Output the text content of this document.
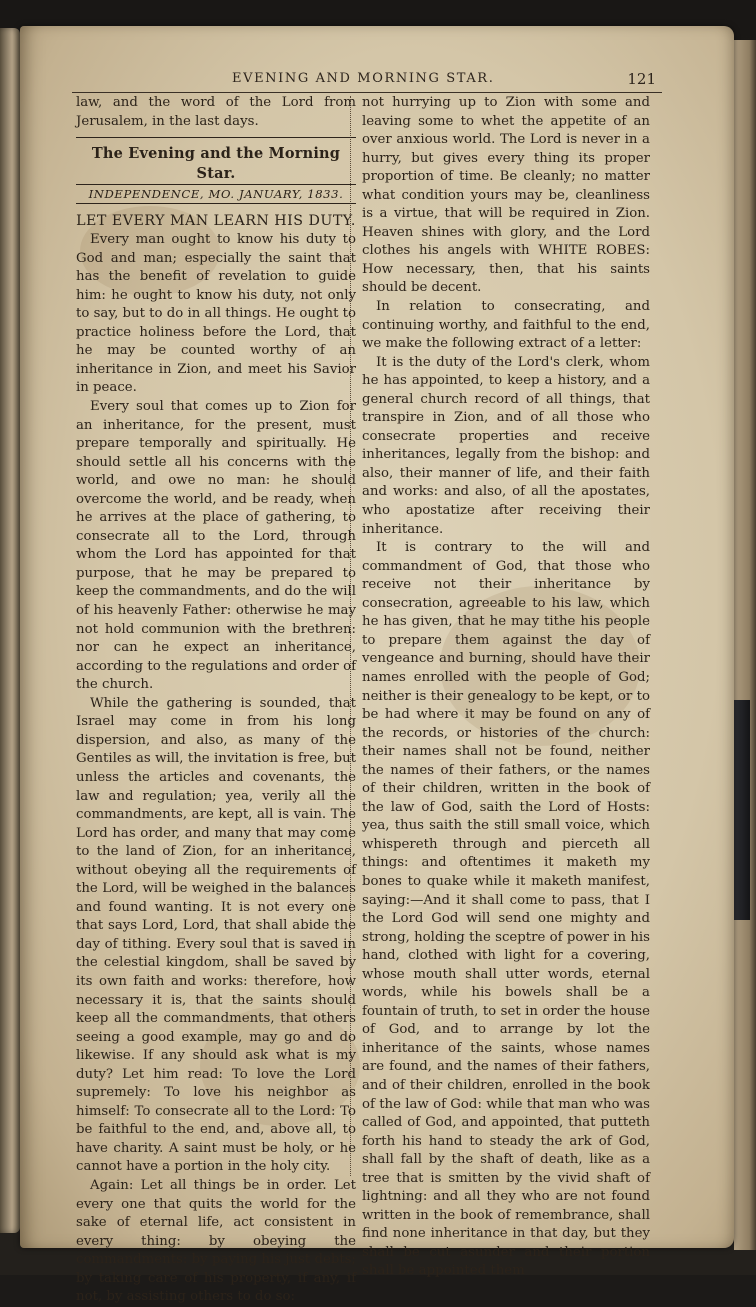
EVENING AND MORNING STAR.	121

law, and the word of the Lord from Jerusalem, in the last days.

The Evening and the Morning Star.
INDEPENDENCE, MO. JANUARY, 1833.
LET EVERY MAN LEARN HIS DUTY.

Every man ought to know his duty to God and man; especially the saint that has the benefit of revelation to guide him: he ought to know his duty, not only to say, but to do in all things. He ought to practice holiness before the Lord, that he may be counted worthy of an inheritance in Zion, and meet his Savior in peace.

Every soul that comes up to Zion for an inheritance, for the present, must prepare temporally and spiritually. He should settle all his concerns with the world, and owe no man: he should overcome the world, and be ready, when he arrives at the place of gathering, to consecrate all to the Lord, through whom the Lord has appointed for that purpose, that he may be prepared to keep the commandments, and do the will of his heavenly Father: otherwise he may not hold communion with the brethren: nor can he expect an inheritance, according to the regulations and order of the church.

While the gathering is sounded, that Israel may come in from his long dispersion, and also, as many of the Gentiles as will, the invitation is free, but unless the articles and covenants, the law and regulation; yea, verily all the commandments, are kept, all is vain. The Lord has order, and many that may come to the land of Zion, for an inheritance, without obeying all the requirements of the Lord, will be weighed in the balances and found wanting. It is not every one that says Lord, Lord, that shall abide the day of tithing. Every soul that is saved in the celestial kingdom, shall be saved by its own faith and works: therefore, how necessary it is, that the saints should keep all the commandments, that others seeing a good example, may go and do likewise. If any should ask what is my duty? Let him read: To love the Lord supremely: To love his neighbor as himself: To consecrate all to the Lord: To be faithful to the end, and, above all, to have charity. A saint must be holy, or he cannot have a portion in the holy city.

Again: Let all things be in order. Let every one that quits the world for the sake of eternal life, act consistent in every thing: by obeying the commandments: by paying his just debts; by taking care of his property, if any, if not, by assisting others to do so:

not hurrying up to Zion with some and leaving some to whet the appetite of an over anxious world. The Lord is never in a hurry, but gives every thing its proper proportion of time. Be cleanly; no matter what condition yours may be, cleanliness is a virtue, that will be required in Zion. Heaven shines with glory, and the Lord clothes his angels with WHITE ROBES: How necessary, then, that his saints should be decent.

In relation to consecrating, and continuing worthy, and faithful to the end, we make the following extract of a letter:

It is the duty of the Lord's clerk, whom he has appointed, to keep a history, and a general church record of all things, that transpire in Zion, and of all those who consecrate properties and receive inheritances, legally from the bishop: and also, their manner of life, and their faith and works: and also, of all the apostates, who apostatize after receiving their inheritance.

It is contrary to the will and commandment of God, that those who receive not their inheritance by consecration, agreeable to his law, which he has given, that he may tithe his people to prepare them against the day of vengeance and burning, should have their names enrolled with the people of God; neither is their genealogy to be kept, or to be had where it may be found on any of the records, or histories of the church: their names shall not be found, neither the names of their fathers, or the names of their children, written in the book of the law of God, saith the Lord of Hosts: yea, thus saith the still small voice, which whispereth through and pierceth all things: and oftentimes it maketh my bones to quake while it maketh manifest, saying:—And it shall come to pass, that I the Lord God will send one mighty and strong, holding the sceptre of power in his hand, clothed with light for a covering, whose mouth shall utter words, eternal words, while his bowels shall be a fountain of truth, to set in order the house of God, and to arrange by lot the inheritance of the saints, whose names are found, and the names of their fathers, and of their children, enrolled in the book of the law of God: while that man who was called of God, and appointed, that putteth forth his hand to steady the ark of God, shall fall by the shaft of death, like as a tree that is smitten by the vivid shaft of lightning: and all they who are not found written in the book of remembrance, shall find none inheritance in that day, but they shall be cut asunder and their portion shall be appointed them
